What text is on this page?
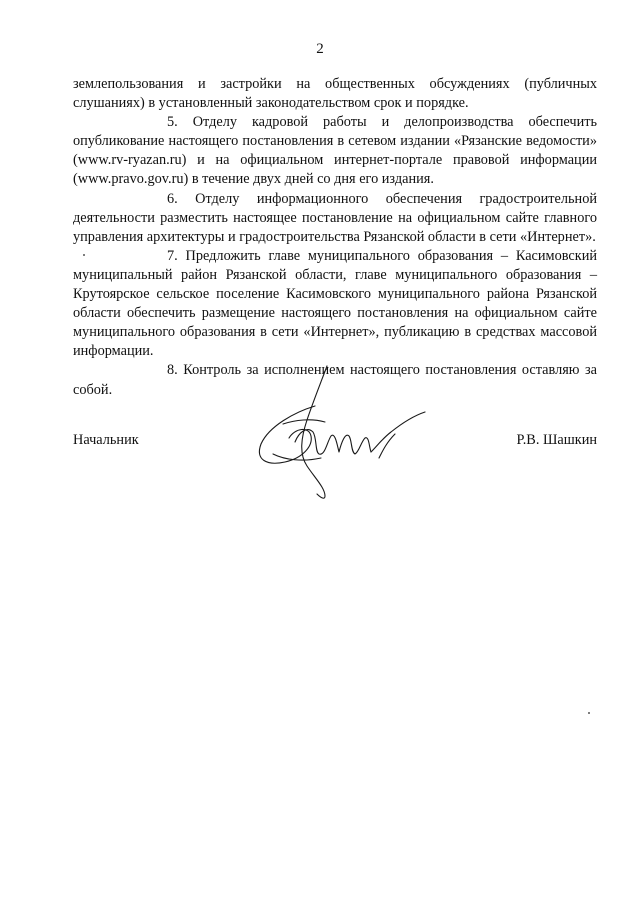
2

землепользования и застройки на общественных обсуждениях (публичных слушаниях) в установленный законодательством срок и порядке.

5. Отделу кадровой работы и делопроизводства обеспечить опубликование настоящего постановления в сетевом издании «Рязанские ведомости» (www.rv-ryazan.ru) и на официальном интернет-портале правовой информации (www.pravo.gov.ru) в течение двух дней со дня его издания.

6. Отделу информационного обеспечения градостроительной деятельности разместить настоящее постановление на официальном сайте главного управления архитектуры и градостроительства Рязанской области в сети «Интернет».

7. Предложить главе муниципального образования – Касимовский муниципальный район Рязанской области, главе муниципального образования – Крутоярское сельское поселение Касимовского муниципального района Рязанской области обеспечить размещение настоящего постановления на официальном сайте муниципального образования в сети «Интернет», публикацию в средствах массовой информации.

8. Контроль за исполнением настоящего постановления оставляю за собой.

Начальник	Р.В. Шашкин
